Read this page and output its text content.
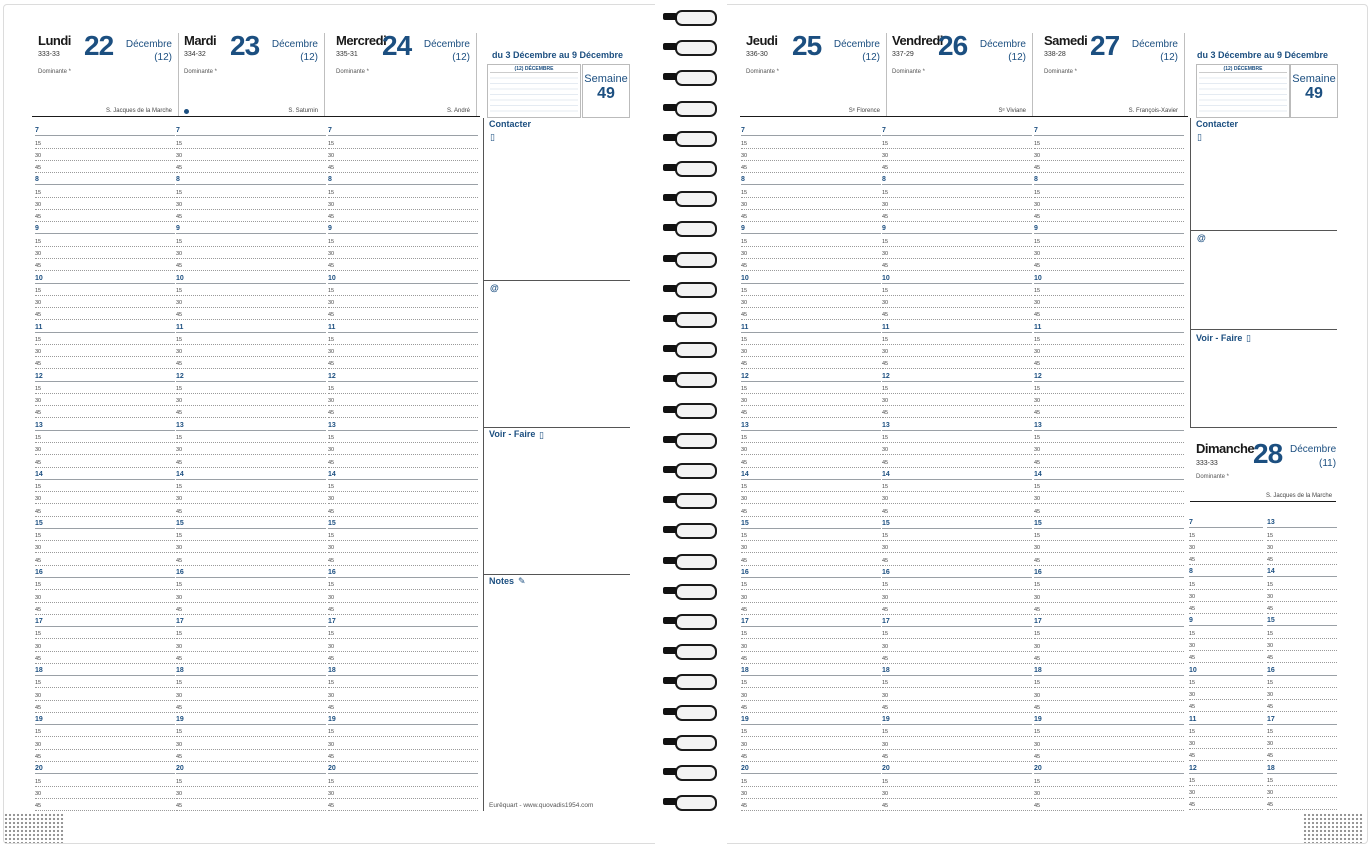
Lundi
333-33 22 Décembre
(12)
Dominante *
S. Jacques de la Marche
Mardi
334-32 23 Décembre
(12)
Dominante *
S. Saturnin
Mercredi
335-31 24 Décembre
(12)
Dominante *
S. André
Jeudi
336-30 25 Décembre
(12)
Dominante *
Sᵉ Florence
Vendredi
337-29 26 Décembre
(12)
Dominante *
Sᵉ Viviane
Samedi
338-28 27 Décembre
(12)
Dominante *
S. François-Xavier
du 3 Décembre au 9 Décembre
(12) DÉCEMBRE
Semaine
49
du 3 Décembre au 9 Décembre
(12) DÉCEMBRE
Semaine
49
Contacter
▯
@
Voir - Faire ▯
Notes ✎
Eurêquart - www.quovadis1954.com
Contacter
▯
@
Voir - Faire ▯
Dimanche
333-33 28 Décembre
(11)
Dominante *
S. Jacques de la Marche
7
15
30
45
8
15
30
45
9
15
30
45
10
15
30
45
11
15
30
45
12
15
30
45
13
15
30
45
14
15
30
45
15
15
30
45
16
15
30
45
17
15
30
45
18
15
30
45
19
15
30
45
20
15
30
45
7
15
30
45
8
15
30
45
9
15
30
45
10
15
30
45
11
15
30
45
12
15
30
45
13
15
30
45
14
15
30
45
15
15
30
45
16
15
30
45
17
15
30
45
18
15
30
45
19
15
30
45
20
15
30
45
7
15
30
45
8
15
30
45
9
15
30
45
10
15
30
45
11
15
30
45
12
15
30
45
13
15
30
45
14
15
30
45
15
15
30
45
16
15
30
45
17
15
30
45
18
15
30
45
19
15
30
45
20
15
30
45
7
15
30
45
8
15
30
45
9
15
30
45
10
15
30
45
11
15
30
45
12
15
30
45
13
15
30
45
14
15
30
45
15
15
30
45
16
15
30
45
17
15
30
45
18
15
30
45
19
15
30
45
20
15
30
45
7
15
30
45
8
15
30
45
9
15
30
45
10
15
30
45
11
15
30
45
12
15
30
45
13
15
30
45
14
15
30
45
15
15
30
45
16
15
30
45
17
15
30
45
18
15
30
45
19
15
30
45
20
15
30
45
7
15
30
45
8
15
30
45
9
15
30
45
10
15
30
45
11
15
30
45
12
15
30
45
13
15
30
45
14
15
30
45
15
15
30
45
16
15
30
45
17
15
30
45
18
15
30
45
19
15
30
45
20
15
30
45
7
15
30
45
8
15
30
45
9
15
30
45
10
15
30
45
11
15
30
45
12
15
30
45
13
15
30
45
14
15
30
45
15
15
30
45
16
15
30
45
17
15
30
45
18
15
30
45
